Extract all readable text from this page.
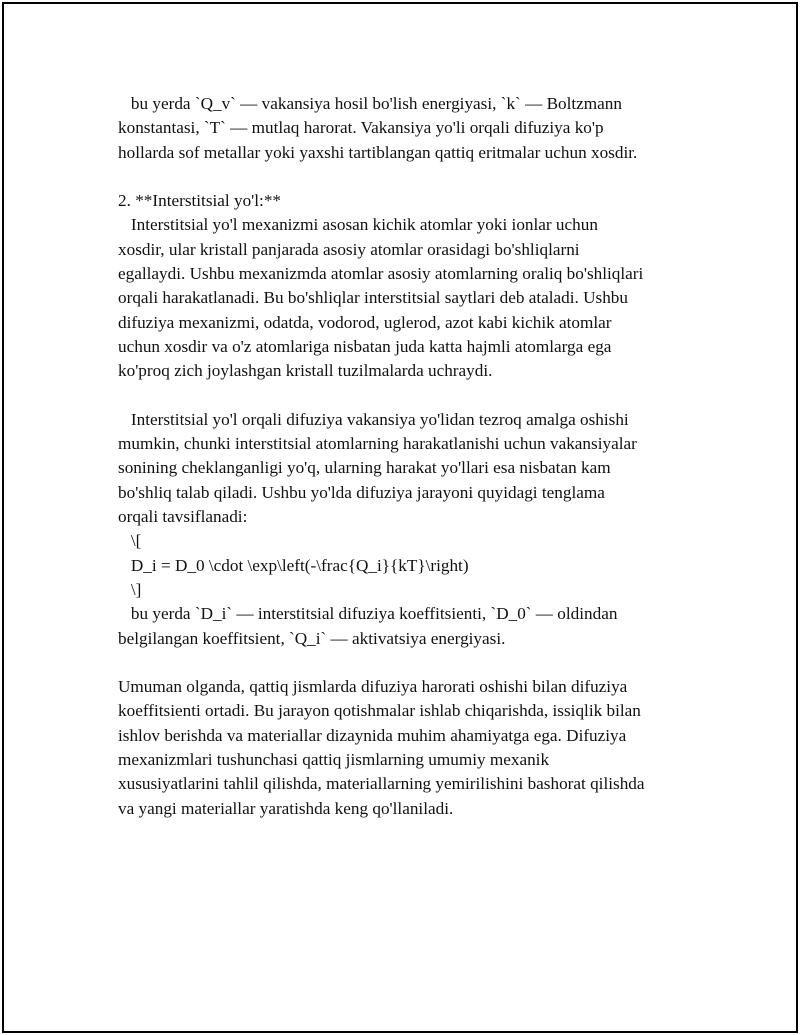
bu yerda `Q_v` — vakansiya hosil bo'lish energiyasi, `k` — Boltzmann
konstantasi, `T` — mutlaq harorat. Vakansiya yo'li orqali difuziya ko'p
hollarda sof metallar yoki yaxshi tartiblangan qattiq eritmalar uchun xosdir.
2. **Interstitsial yo'l:**
Interstitsial yo'l mexanizmi asosan kichik atomlar yoki ionlar uchun
xosdir, ular kristall panjarada asosiy atomlar orasidagi bo'shliqlarni
egallaydi. Ushbu mexanizmda atomlar asosiy atomlarning oraliq bo'shliqlari
orqali harakatlanadi. Bu bo'shliqlar interstitsial saytlari deb ataladi. Ushbu
difuziya mexanizmi, odatda, vodorod, uglerod, azot kabi kichik atomlar
uchun xosdir va o'z atomlariga nisbatan juda katta hajmli atomlarga ega
ko'proq zich joylashgan kristall tuzilmalarda uchraydi.
Interstitsial yo'l orqali difuziya vakansiya yo'lidan tezroq amalga oshishi
mumkin, chunki interstitsial atomlarning harakatlanishi uchun vakansiyalar
sonining cheklanganligi yo'q, ularning harakat yo'llari esa nisbatan kam
bo'shliq talab qiladi. Ushbu yo'lda difuziya jarayoni quyidagi tenglama
orqali tavsiflanadi:
\[
D_i = D_0 \cdot \exp\left(-\frac{Q_i}{kT}\right)
\]
bu yerda `D_i` — interstitsial difuziya koeffitsienti, `D_0` — oldindan
belgilangan koeffitsient, `Q_i` — aktivatsiya energiyasi.
Umuman olganda, qattiq jismlarda difuziya harorati oshishi bilan difuziya
koeffitsienti ortadi. Bu jarayon qotishmalar ishlab chiqarishda, issiqlik bilan
ishlov berishda va materiallar dizaynida muhim ahamiyatga ega. Difuziya
mexanizmlari tushunchasi qattiq jismlarning umumiy mexanik
xususiyatlarini tahlil qilishda, materiallarning yemirilishini bashorat qilishda
va yangi materiallar yaratishda keng qo'llaniladi.
